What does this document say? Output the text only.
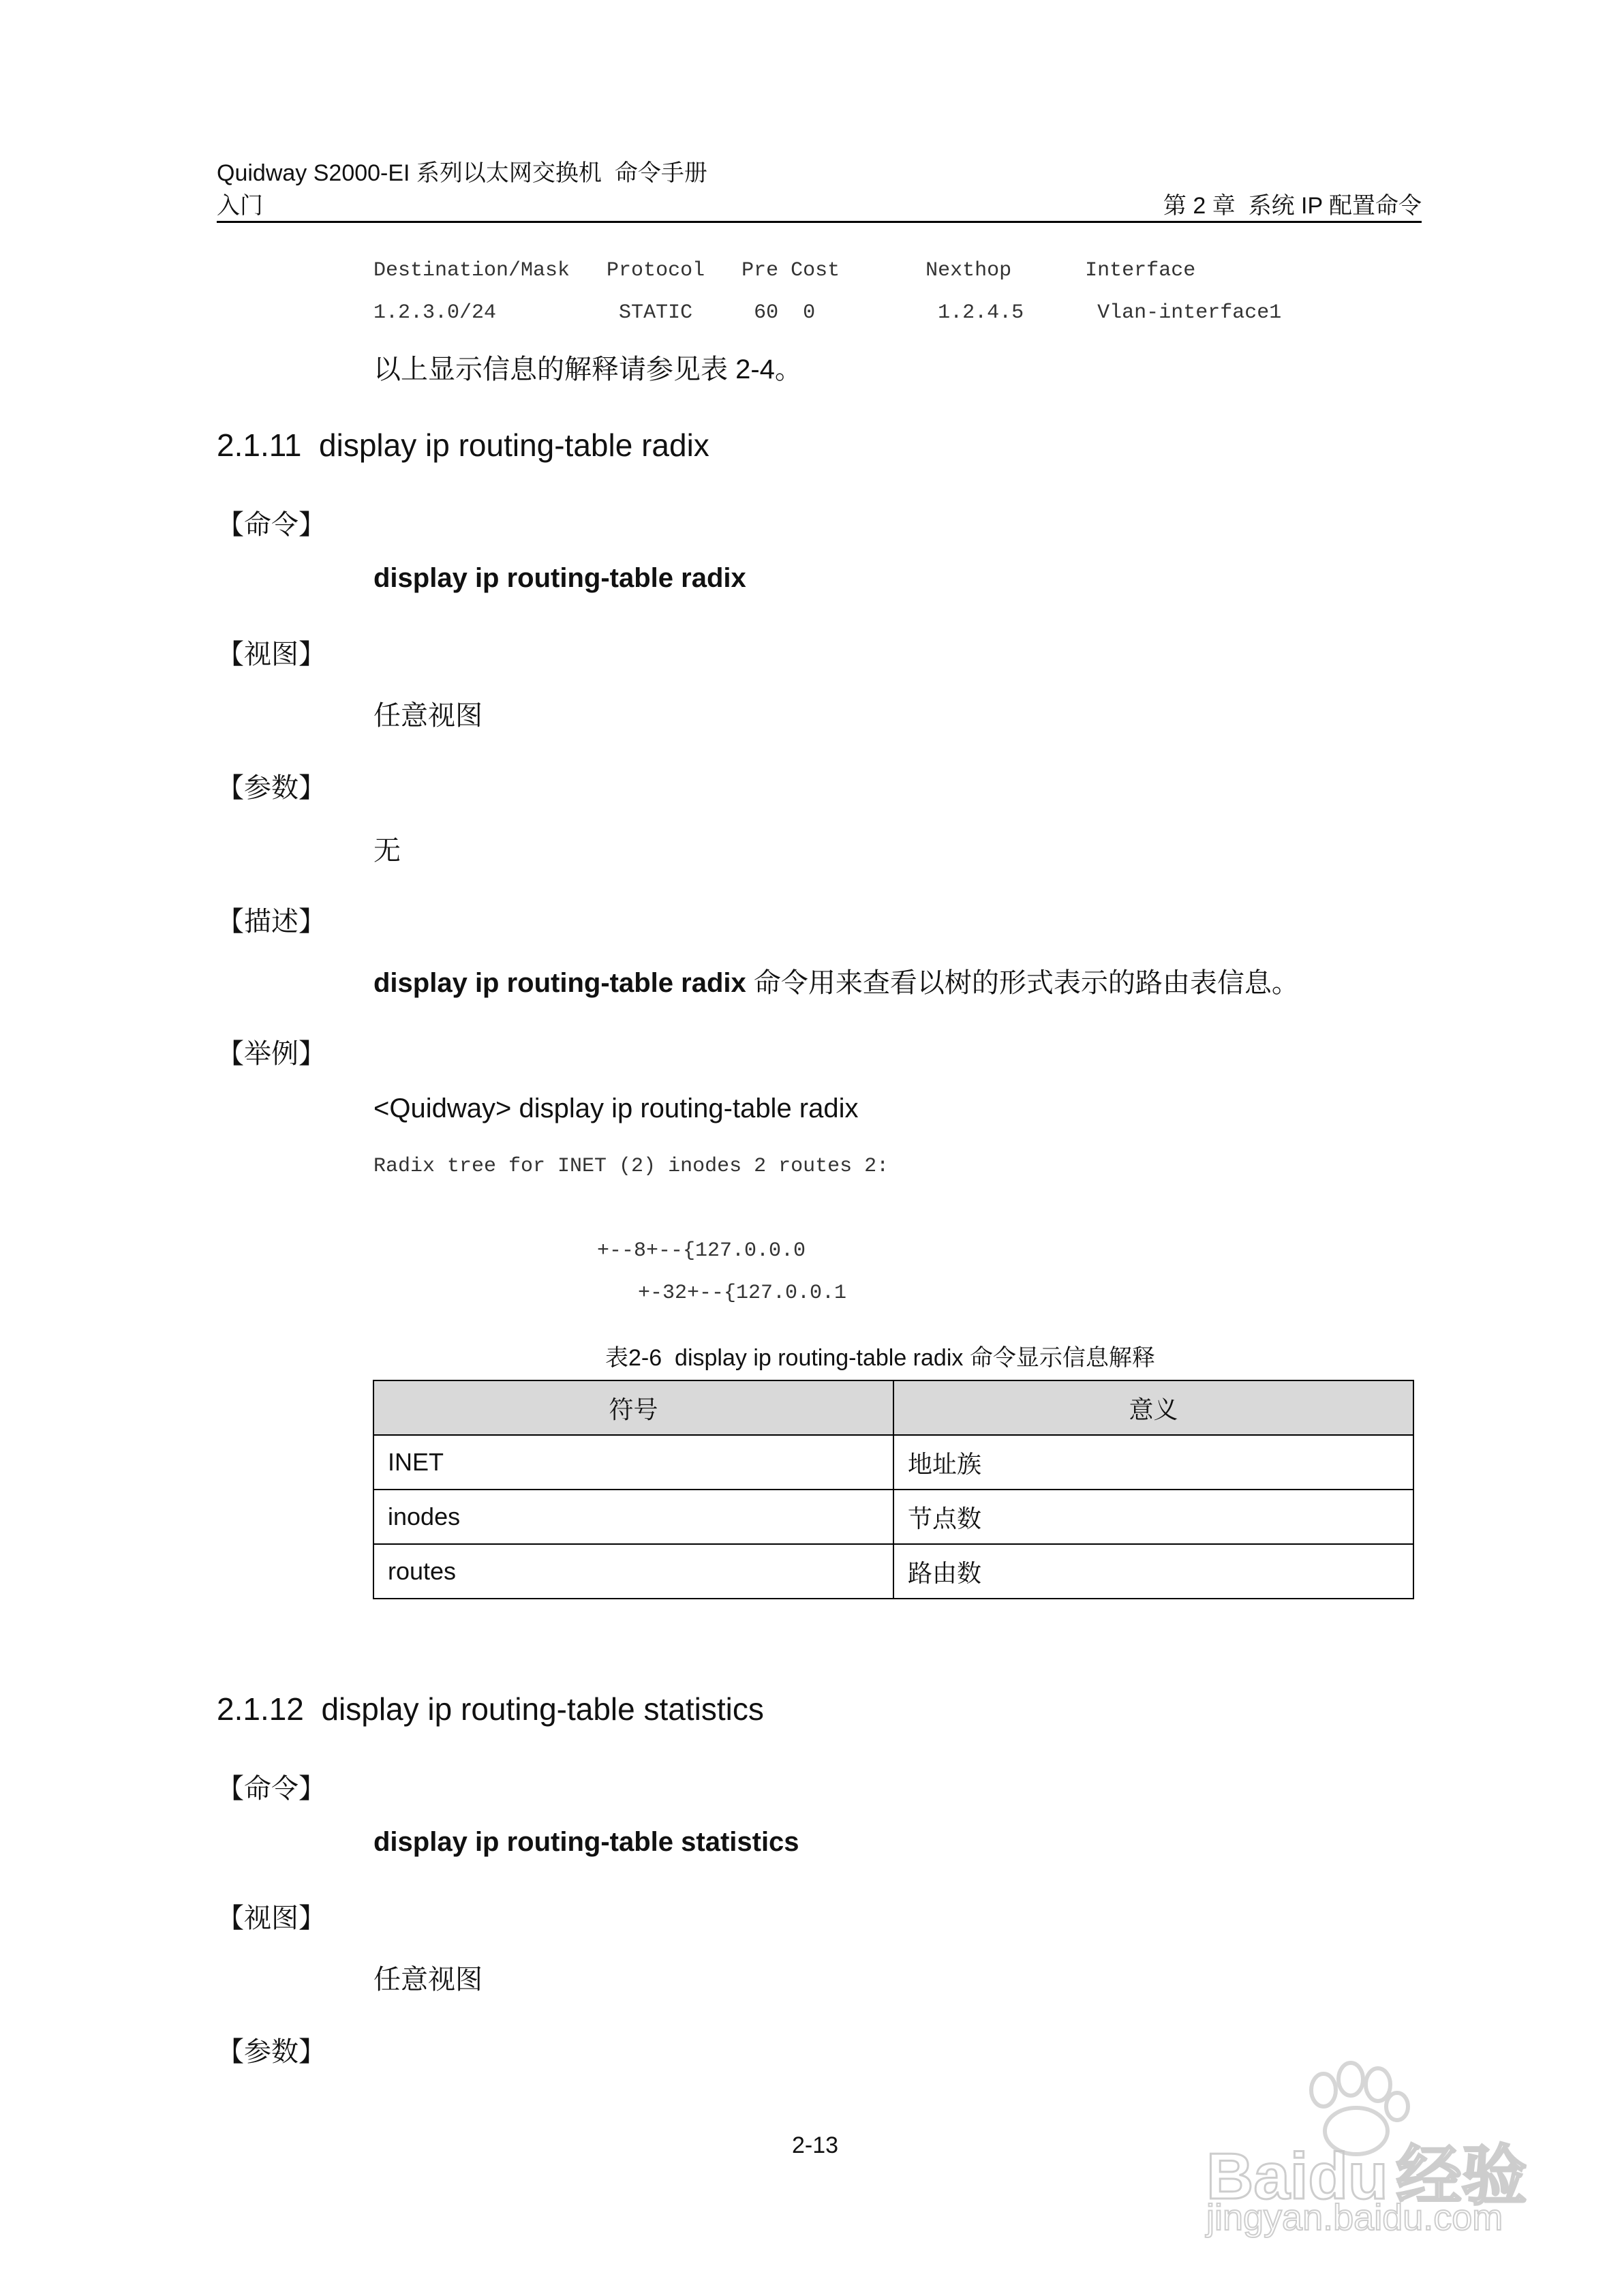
Quidway S2000-EI 系列以太网交换机  命令手册
入门	第 2 章  系统 IP 配置命令
Destination/Mask   Protocol   Pre Cost       Nexthop      Interface
1.2.3.0/24          STATIC     60  0          1.2.4.5      Vlan-interface1
以上显示信息的解释请参见表 2-4。
2.1.11  display ip routing-table radix
【命令】
display ip routing-table radix
【视图】
任意视图
【参数】
无
【描述】
display ip routing-table radix 命令用来查看以树的形式表示的路由表信息。
【举例】
<Quidway> display ip routing-table radix
Radix tree for INET (2) inodes 2 routes 2:
+--8+--{127.0.0.0
+-32+--{127.0.0.1
表2-6  display ip routing-table radix 命令显示信息解释
符号	意义
INET	地址族
inodes	节点数
routes	路由数
2.1.12  display ip routing-table statistics
【命令】
display ip routing-table statistics
【视图】
任意视图
【参数】
2-13	Baidu 经验
jingyan.baidu.com
